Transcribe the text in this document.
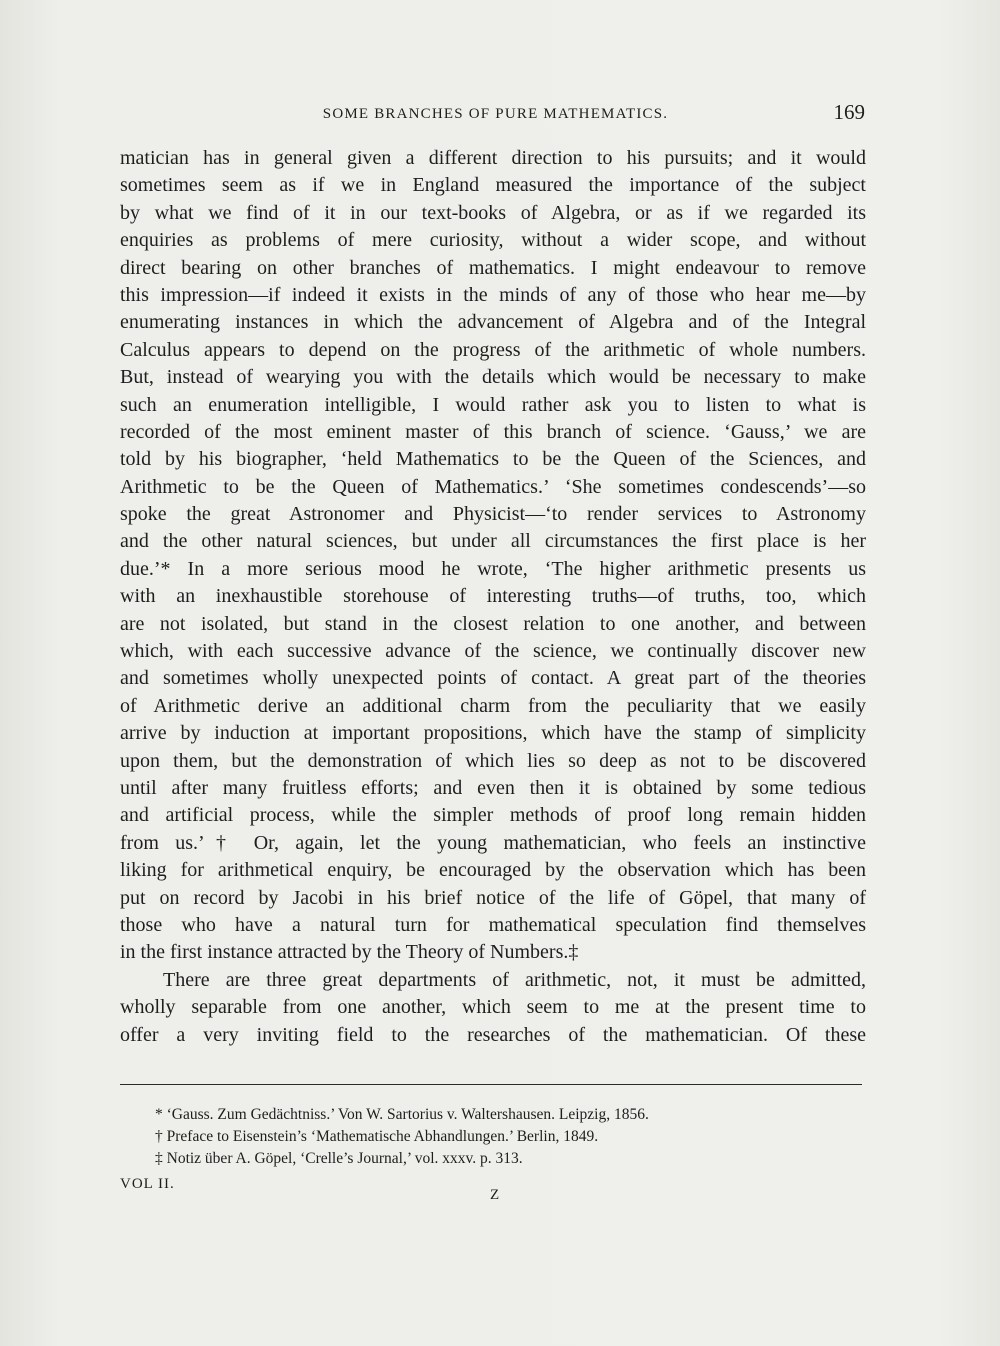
SOME BRANCHES OF PURE MATHEMATICS.	169
matician has in general given a different direction to his pursuits; and it would
sometimes seem as if we in England measured the importance of the subject
by what we find of it in our text-books of Algebra, or as if we regarded its
enquiries as problems of mere curiosity, without a wider scope, and without
direct bearing on other branches of mathematics. I might endeavour to remove
this impression—if indeed it exists in the minds of any of those who hear me—by
enumerating instances in which the advancement of Algebra and of the Integral
Calculus appears to depend on the progress of the arithmetic of whole numbers.
But, instead of wearying you with the details which would be necessary to make
such an enumeration intelligible, I would rather ask you to listen to what is
recorded of the most eminent master of this branch of science. ‘Gauss,’ we are
told by his biographer, ‘held Mathematics to be the Queen of the Sciences, and
Arithmetic to be the Queen of Mathematics.’ ‘She sometimes condescends’—so
spoke the great Astronomer and Physicist—‘to render services to Astronomy
and the other natural sciences, but under all circumstances the first place is her
due.’* In a more serious mood he wrote, ‘The higher arithmetic presents us
with an inexhaustible storehouse of interesting truths—of truths, too, which
are not isolated, but stand in the closest relation to one another, and between
which, with each successive advance of the science, we continually discover new
and sometimes wholly unexpected points of contact. A great part of the theories
of Arithmetic derive an additional charm from the peculiarity that we easily
arrive by induction at important propositions, which have the stamp of simplicity
upon them, but the demonstration of which lies so deep as not to be discovered
until after many fruitless efforts; and even then it is obtained by some tedious
and artificial process, while the simpler methods of proof long remain hidden
from us.’† Or, again, let the young mathematician, who feels an instinctive
liking for arithmetical enquiry, be encouraged by the observation which has been
put on record by Jacobi in his brief notice of the life of Göpel, that many of
those who have a natural turn for mathematical speculation find themselves
in the first instance attracted by the Theory of Numbers.‡
There are three great departments of arithmetic, not, it must be admitted,
wholly separable from one another, which seem to me at the present time to
offer a very inviting field to the researches of the mathematician. Of these
* ‘Gauss. Zum Gedächtniss.’ Von W. Sartorius v. Waltershausen. Leipzig, 1856.
† Preface to Eisenstein’s ‘Mathematische Abhandlungen.’ Berlin, 1849.
‡ Notiz über A. Göpel, ‘Crelle’s Journal,’ vol. xxxv. p. 313.
VOL II.
Z
